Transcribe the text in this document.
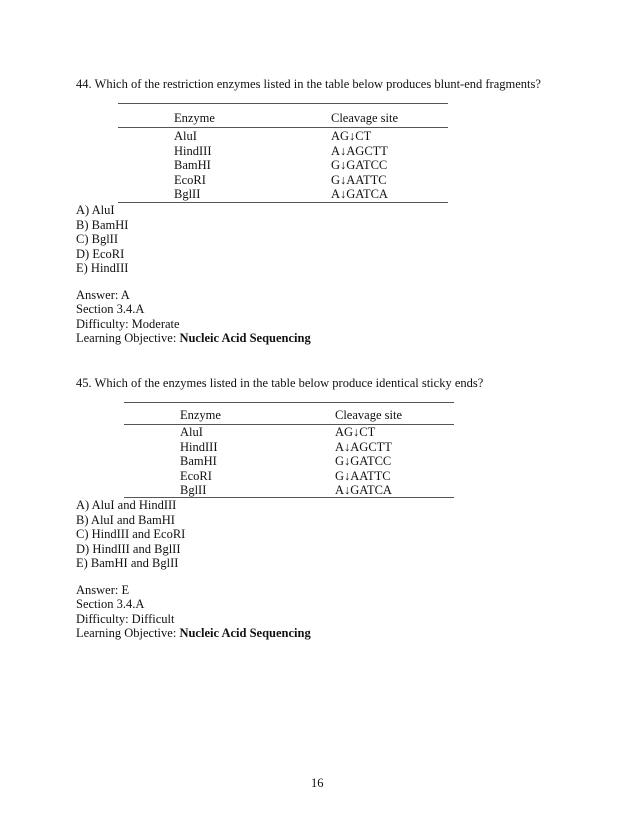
44. Which of the restriction enzymes listed in the table below produces blunt-end fragments?
Enzyme	Cleavage site
AluI	AG↓CT
HindIII	A↓AGCTT
BamHI	G↓GATCC
EcoRI	G↓AATTC
BglII	A↓GATCA
A) AluI
B) BamHI
C) BglII
D) EcoRI
E) HindIII
Answer: A
Section 3.4.A
Difficulty: Moderate
Learning Objective: Nucleic Acid Sequencing
45. Which of the enzymes listed in the table below produce identical sticky ends?
Enzyme	Cleavage site
AluI	AG↓CT
HindIII	A↓AGCTT
BamHI	G↓GATCC
EcoRI	G↓AATTC
BglII	A↓GATCA
A) AluI and HindIII
B) AluI and BamHI
C) HindIII and EcoRI
D) HindIII and BglII
E) BamHI and BglII
Answer: E
Section 3.4.A
Difficulty: Difficult
Learning Objective: Nucleic Acid Sequencing
16
